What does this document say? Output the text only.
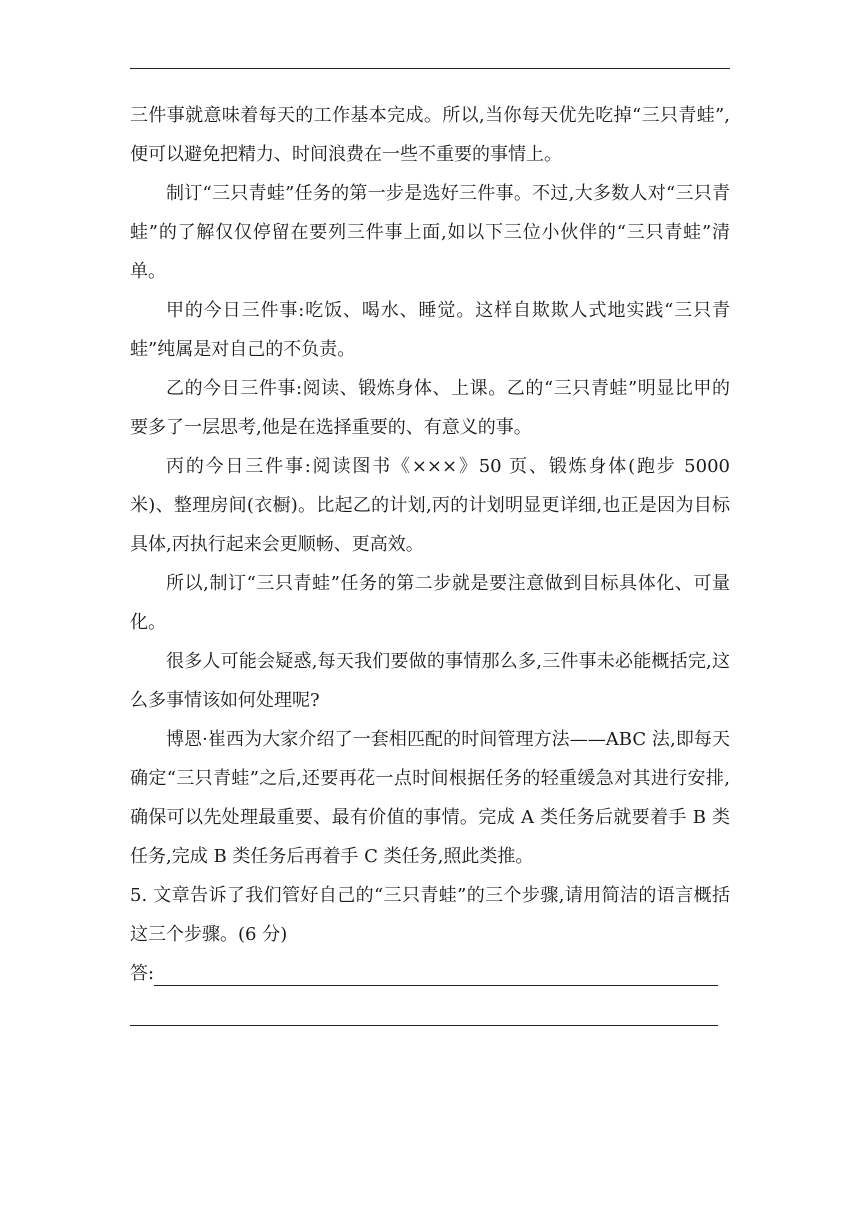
三件事就意味着每天的工作基本完成。所以,当你每天优先吃掉“三只青蛙”,便可以避免把精力、时间浪费在一些不重要的事情上。

制订“三只青蛙”任务的第一步是选好三件事。不过,大多数人对“三只青蛙”的了解仅仅停留在要列三件事上面,如以下三位小伙伴的“三只青蛙”清单。

甲的今日三件事:吃饭、喝水、睡觉。这样自欺欺人式地实践“三只青蛙”纯属是对自己的不负责。

乙的今日三件事:阅读、锻炼身体、上课。乙的“三只青蛙”明显比甲的要多了一层思考,他是在选择重要的、有意义的事。

丙的今日三件事:阅读图书《×××》50 页、锻炼身体(跑步 5000 米)、整理房间(衣橱)。比起乙的计划,丙的计划明显更详细,也正是因为目标具体,丙执行起来会更顺畅、更高效。

所以,制订“三只青蛙”任务的第二步就是要注意做到目标具体化、可量化。

很多人可能会疑惑,每天我们要做的事情那么多,三件事未必能概括完,这么多事情该如何处理呢?

博恩·崔西为大家介绍了一套相匹配的时间管理方法——ABC 法,即每天确定“三只青蛙”之后,还要再花一点时间根据任务的轻重缓急对其进行安排,确保可以先处理最重要、最有价值的事情。完成 A 类任务后就要着手 B 类任务,完成 B 类任务后再着手 C 类任务,照此类推。

5. 文章告诉了我们管好自己的“三只青蛙”的三个步骤,请用简洁的语言概括这三个步骤。(6 分)

答:
